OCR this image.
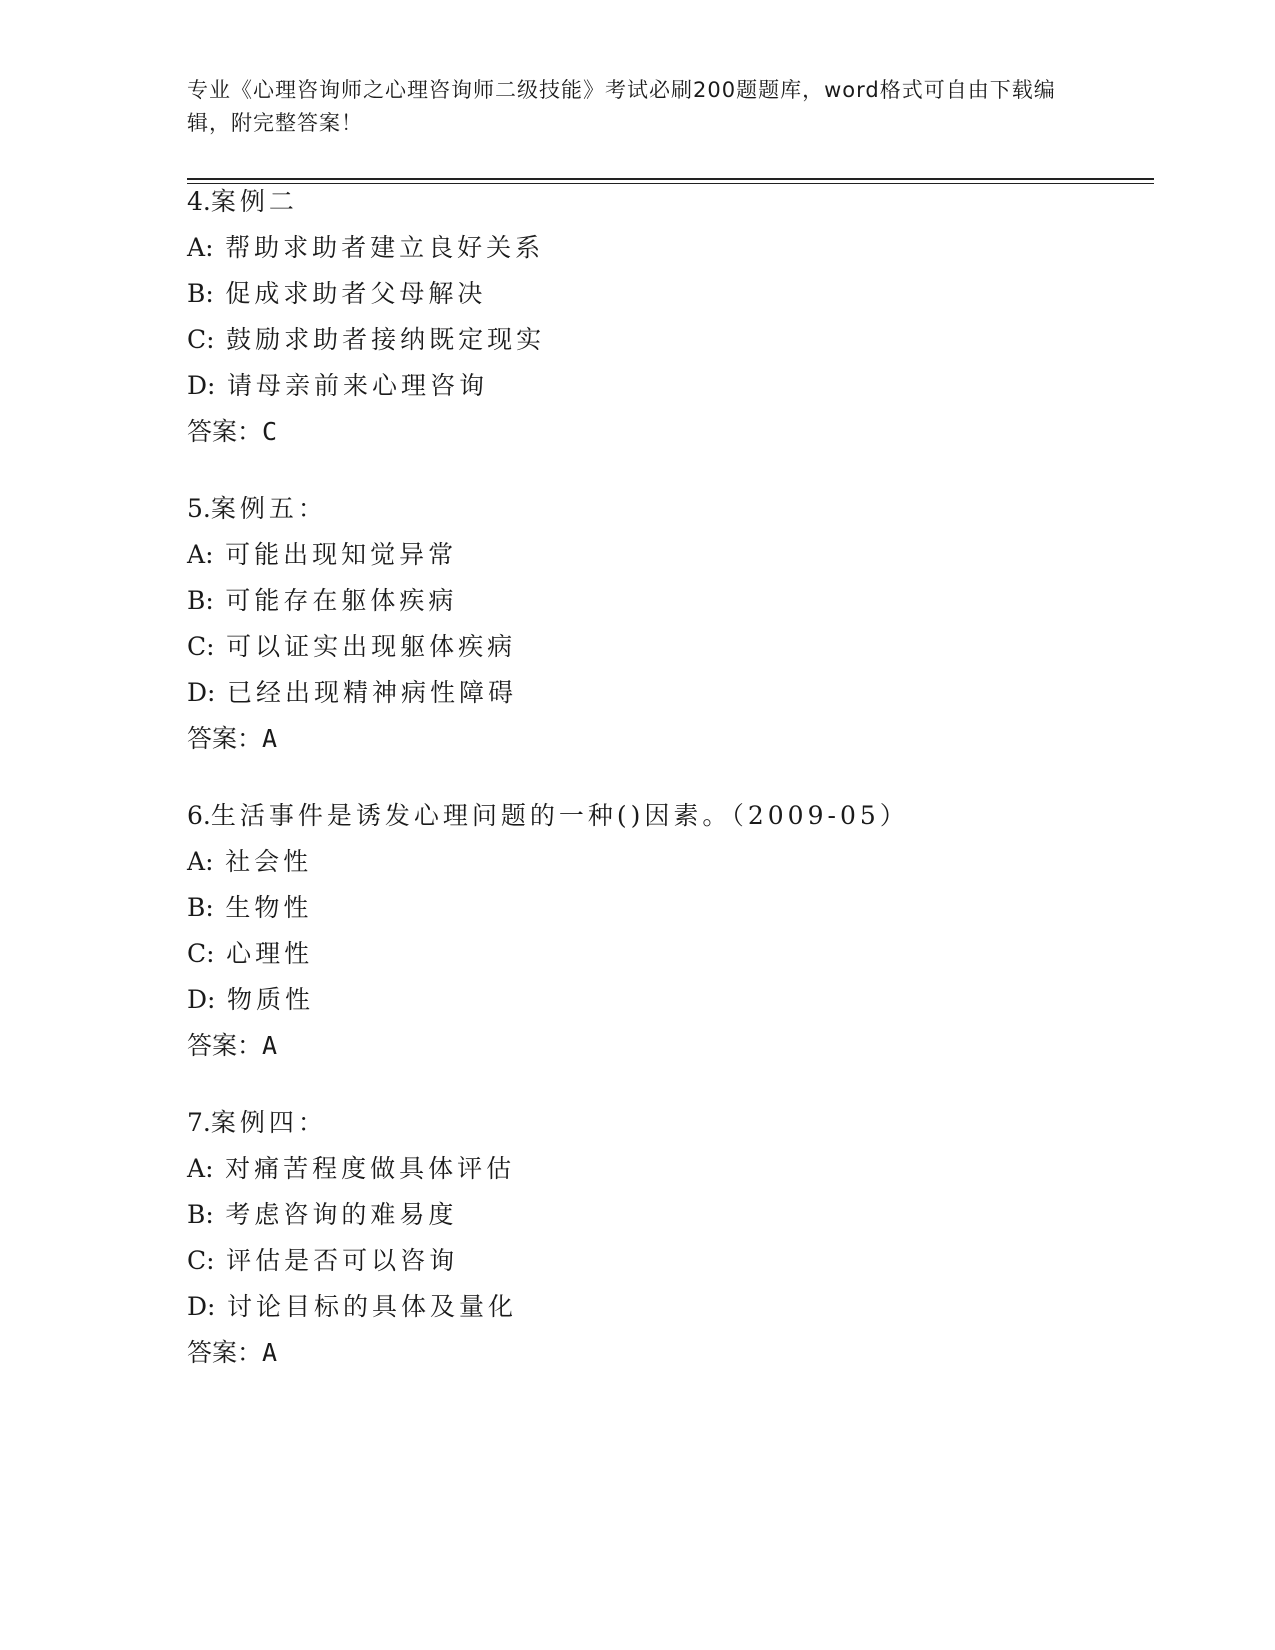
专业《心理咨询师之心理咨询师二级技能》考试必刷200题题库，word格式可自由下载编辑，附完整答案！
4.案例二
A: 帮助求助者建立良好关系
B: 促成求助者父母解决
C: 鼓励求助者接纳既定现实
D: 请母亲前来心理咨询
答案：C
5.案例五：
A: 可能出现知觉异常
B: 可能存在躯体疾病
C: 可以证实出现躯体疾病
D: 已经出现精神病性障碍
答案：A
6.生活事件是诱发心理问题的一种()因素。（2009-05）
A: 社会性
B: 生物性
C: 心理性
D: 物质性
答案：A
7.案例四：
A: 对痛苦程度做具体评估
B: 考虑咨询的难易度
C: 评估是否可以咨询
D: 讨论目标的具体及量化
答案：A
